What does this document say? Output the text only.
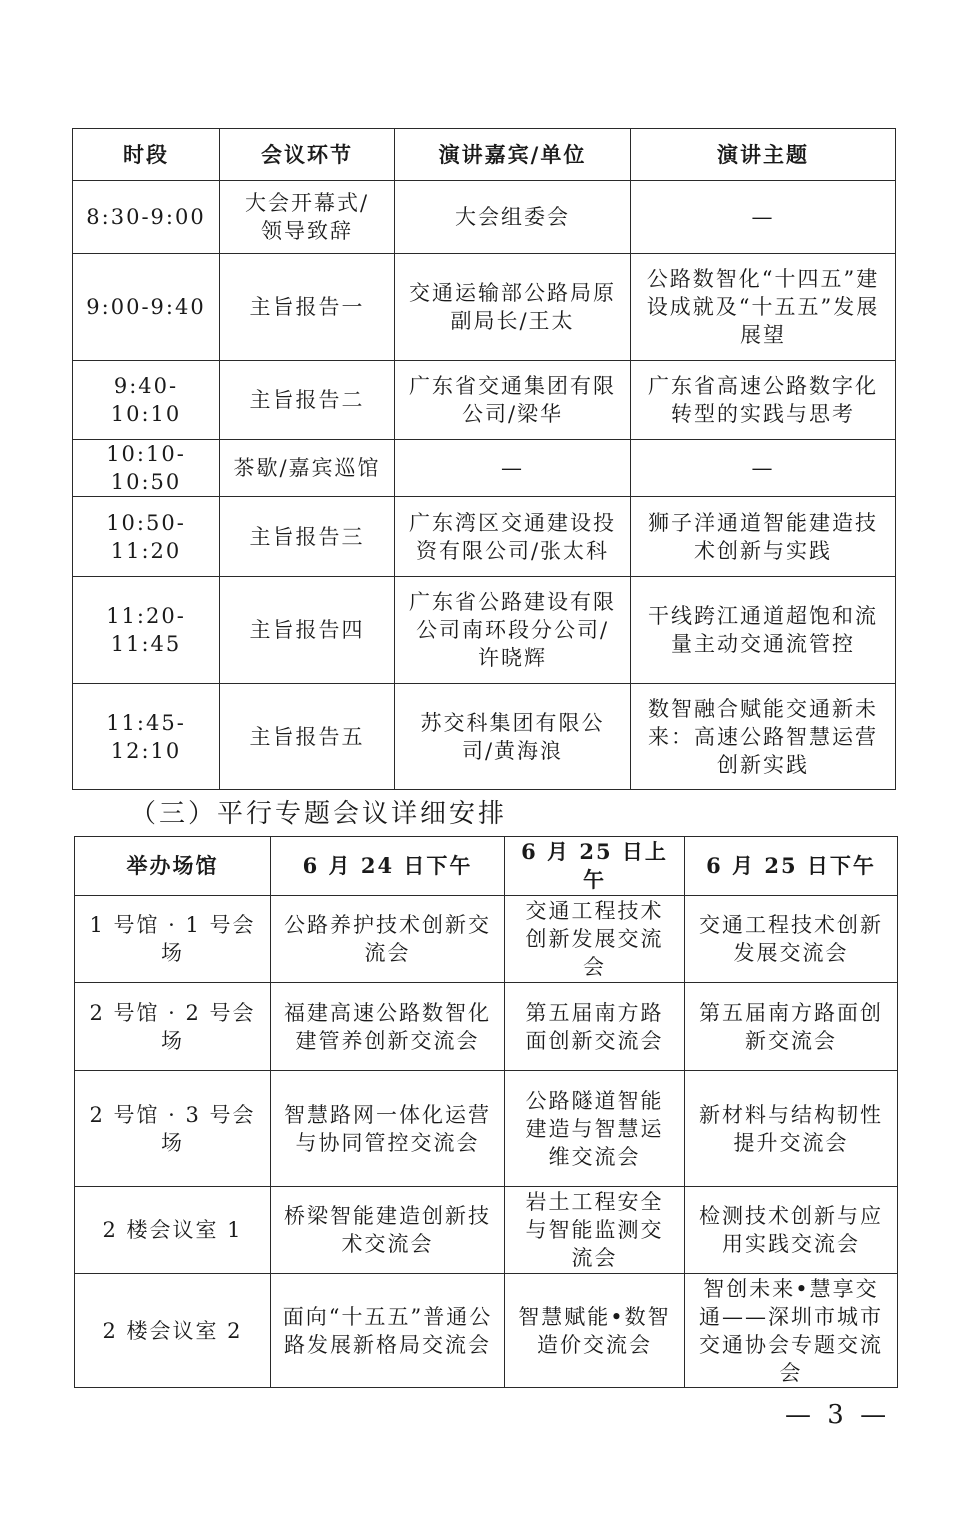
时段	会议环节	演讲嘉宾/单位	演讲主题
8:30-9:00	大会开幕式/领导致辞	大会组委会	—
9:00-9:40	主旨报告一	交通运输部公路局原副局长/王太	公路数智化“十四五”建设成就及“十五五”发展展望
9:40-10:10	主旨报告二	广东省交通集团有限公司/梁华	广东省高速公路数字化转型的实践与思考
10:10-10:50	茶歇/嘉宾巡馆	—	—
10:50-11:20	主旨报告三	广东湾区交通建设投资有限公司/张太科	狮子洋通道智能建造技术创新与实践
11:20-11:45	主旨报告四	广东省公路建设有限公司南环段分公司/许晓辉	干线跨江通道超饱和流量主动交通流管控
11:45-12:10	主旨报告五	苏交科集团有限公司/黄海浪	数智融合赋能交通新未来：高速公路智慧运营创新实践
（三）平行专题会议详细安排
举办场馆	6 月 24 日下午	6 月 25 日上午	6 月 25 日下午
1 号馆 · 1 号会场	公路养护技术创新交流会	交通工程技术创新发展交流会	交通工程技术创新发展交流会
2 号馆 · 2 号会场	福建高速公路数智化建管养创新交流会	第五届南方路面创新交流会	第五届南方路面创新交流会
2 号馆 · 3 号会场	智慧路网一体化运营与协同管控交流会	公路隧道智能建造与智慧运维交流会	新材料与结构韧性提升交流会
2 楼会议室 1	桥梁智能建造创新技术交流会	岩土工程安全与智能监测交流会	检测技术创新与应用实践交流会
2 楼会议室 2	面向“十五五”普通公路发展新格局交流会	智慧赋能•数智造价交流会	智创未来•慧享交通——深圳市城市交通协会专题交流会
— 3 —
